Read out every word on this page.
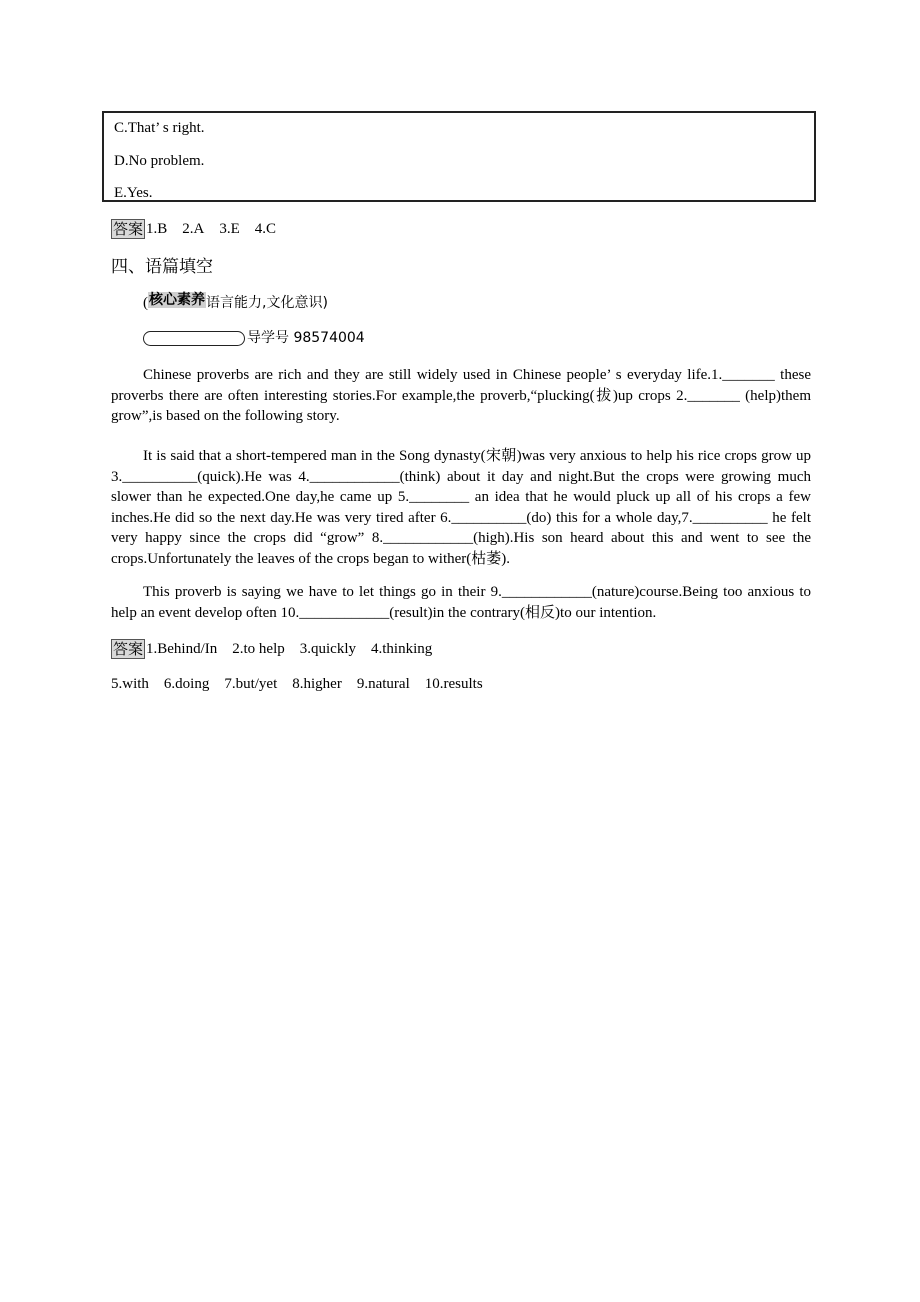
C.That’ s right.
D.No problem.
E.Yes.
答案 1.B 2.A 3.E 4.C
四、语篇填空
( 核心素养 语言能力,文化意识)
导学号 98574004

Chinese proverbs are rich and they are still widely used in Chinese people’ s everyday life.1._______ these proverbs there are often interesting stories.For example,the proverb,“plucking(拔)up crops 2._______ (help)them grow”,is based on the following story.

It is said that a short-tempered man in the Song dynasty(宋朝)was very anxious to help his rice crops grow up 3.__________(quick).He was 4.____________(think) about it day and night.But the crops were growing much slower than he expected.One day,he came up 5.________ an idea that he would pluck up all of his crops a few inches.He did so the next day.He was very tired after 6.__________(do) this for a whole day,7.__________ he felt very happy since the crops did “grow” 8.____________(high).His son heard about this and went to see the crops.Unfortunately the leaves of the crops began to wither(枯萎).

This proverb is saying we have to let things go in their 9.____________(nature)course.Being too anxious to help an event develop often 10.____________(result)in the contrary(相反)to our intention.

答案 1.Behind/In 2.to help 3.quickly 4.thinking
5.with 6.doing 7.but/yet 8.higher 9.natural 10.results
